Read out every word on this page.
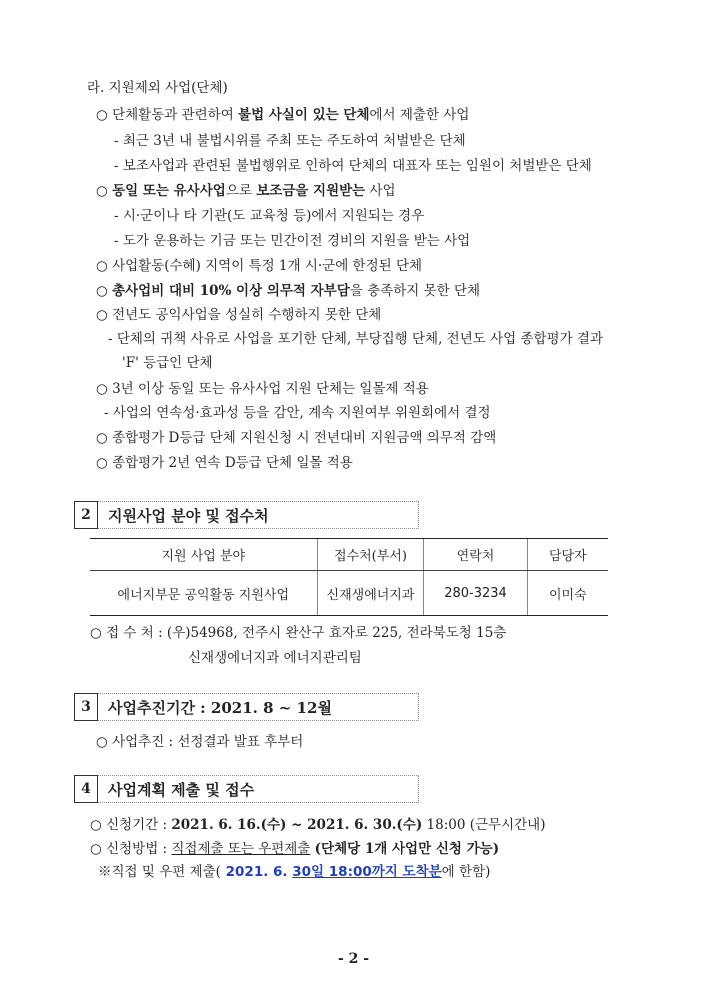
라. 지원제외 사업(단체)
○ 단체활동과 관련하여 불법 사실이 있는 단체에서 제출한 사업
- 최근 3년 내 불법시위를 주최 또는 주도하여 처벌받은 단체
- 보조사업과 관련된 불법행위로 인하여 단체의 대표자 또는 임원이 처벌받은 단체
○ 동일 또는 유사사업으로 보조금을 지원받는 사업
- 시·군이나 타 기관(도 교육청 등)에서 지원되는 경우
- 도가 운용하는 기금 또는 민간이전 경비의 지원을 받는 사업
○ 사업활동(수혜) 지역이 특정 1개 시·군에 한정된 단체
○ 총사업비 대비 10% 이상 의무적 자부담을 충족하지 못한 단체
○ 전년도 공익사업을 성실히 수행하지 못한 단체
- 단체의 귀책 사유로 사업을 포기한 단체, 부당집행 단체, 전년도 사업 종합평가 결과
'F' 등급인 단체
○ 3년 이상 동일 또는 유사사업 지원 단체는 일몰제 적용
- 사업의 연속성·효과성 등을 감안, 계속 지원여부 위원회에서 결정
○ 종합평가 D등급 단체 지원신청 시 전년대비 지원금액 의무적 감액
○ 종합평가 2년 연속 D등급 단체 일몰 적용
2	지원사업 분야 및 접수처
지원 사업 분야	접수처(부서)	연락처	담당자
에너지부문 공익활동 지원사업	신재생에너지과	280-3234	이미숙
○ 접 수 처 : (우)54968, 전주시 완산구 효자로 225, 전라북도청 15층
신재생에너지과 에너지관리팀
3	사업추진기간 : 2021. 8 ~ 12월
○ 사업추진 : 선정결과 발표 후부터
4	사업계획 제출 및 접수
○ 신청기간 : 2021. 6. 16.(수) ~ 2021. 6. 30.(수) 18:00 (근무시간내)
○ 신청방법 : 직접제출 또는 우편제출 (단체당 1개 사업만 신청 가능)
※직접 및 우편 제출( 2021. 6. 30일 18:00까지 도착분에 한함)
- 2 -
